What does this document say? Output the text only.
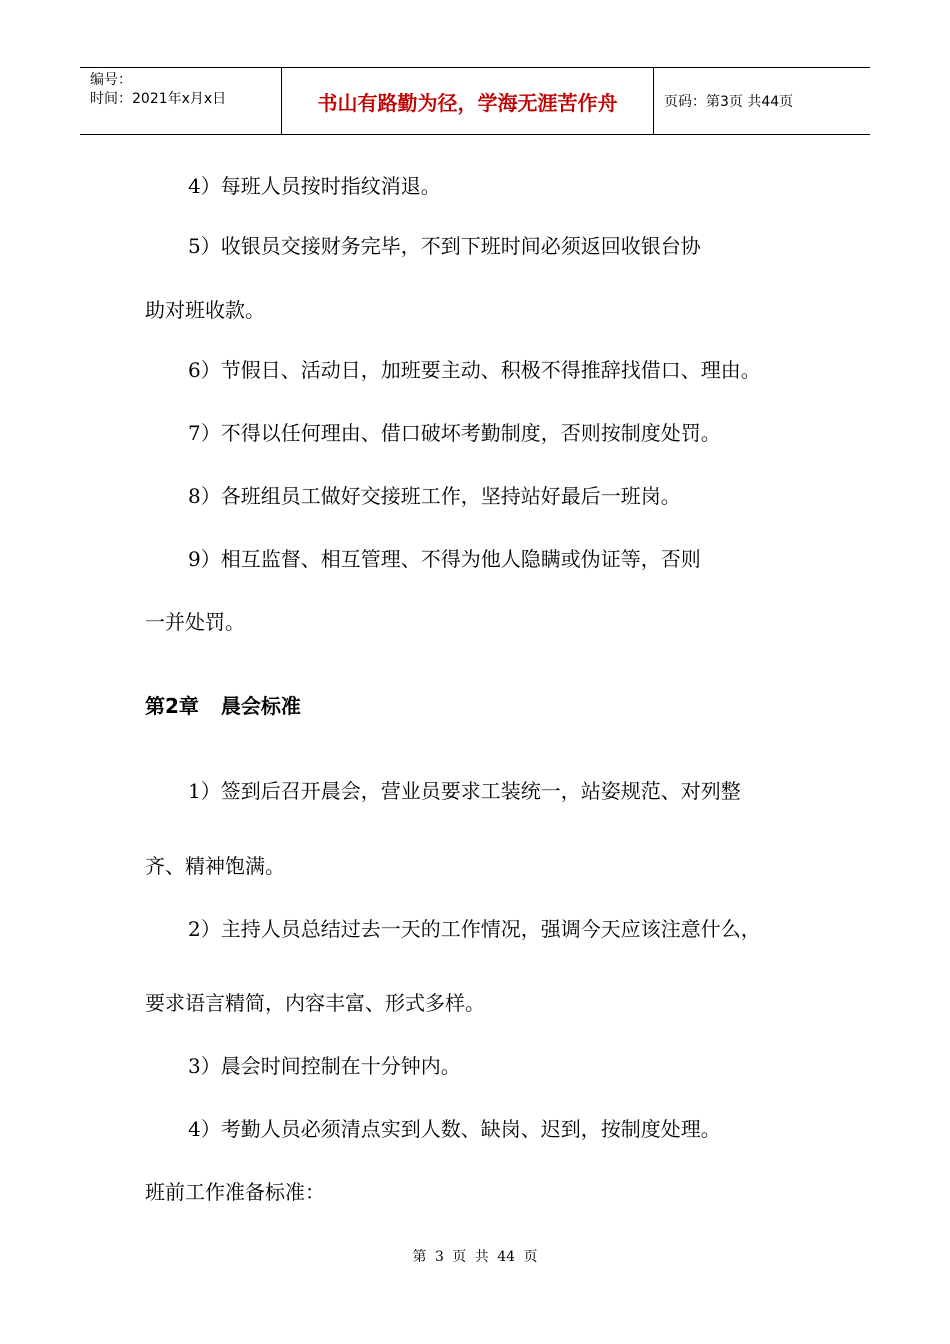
编号：
时间：2021年x月x日	书山有路勤为径，学海无涯苦作舟	页码：第3页 共44页
4）每班人员按时指纹消退。
5）收银员交接财务完毕，不到下班时间必须返回收银台协
助对班收款。
6）节假日、活动日，加班要主动、积极不得推辞找借口、理由。
7）不得以任何理由、借口破坏考勤制度，否则按制度处罚。
8）各班组员工做好交接班工作，坚持站好最后一班岗。
9）相互监督、相互管理、不得为他人隐瞒或伪证等，否则
一并处罚。
第2章 晨会标准
1）签到后召开晨会，营业员要求工装统一，站姿规范、对列整
齐、精神饱满。
2）主持人员总结过去一天的工作情况，强调今天应该注意什么，
要求语言精简，内容丰富、形式多样。
3）晨会时间控制在十分钟内。
4）考勤人员必须清点实到人数、缺岗、迟到，按制度处理。
班前工作准备标准：
第 3 页 共 44 页
